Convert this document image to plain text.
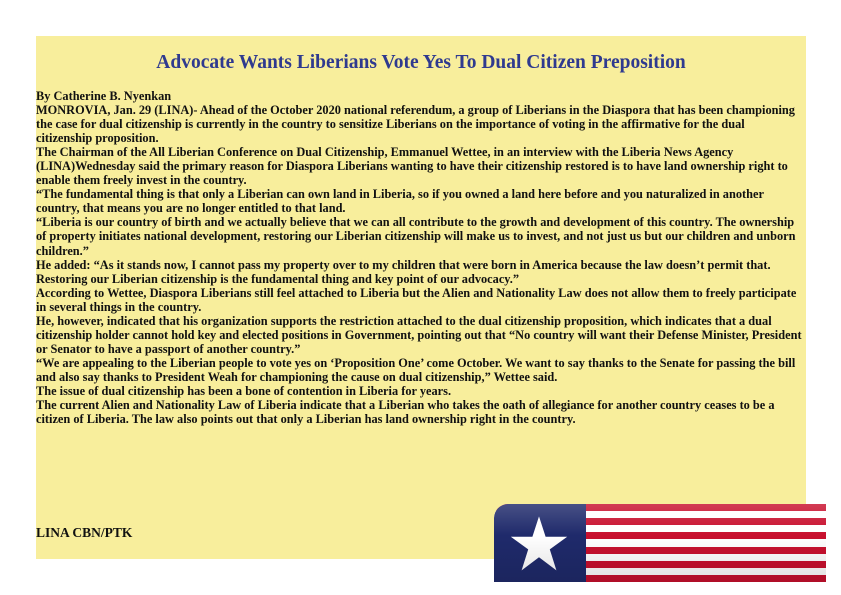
Advocate Wants Liberians Vote Yes To Dual Citizen Preposition

By Catherine B. Nyenkan

MONROVIA, Jan. 29 (LINA)- Ahead of the October 2020 national referendum, a group of Liberians in the Diaspora that has been championing the case for dual citizenship is currently in the country to sensitize Liberians on the importance of voting in the affirmative for the dual citizenship proposition.

The Chairman of the All Liberian Conference on Dual Citizenship, Emmanuel Wettee, in an interview with the Liberia News Agency (LINA)Wednesday said the primary reason for Diaspora Liberians wanting to have their citizenship restored is to have land ownership right to enable them freely invest in the country.

“The fundamental thing is that only a Liberian can own land in Liberia, so if you owned a land here before and you naturalized in another country, that means you are no longer entitled to that land.

“Liberia is our country of birth and we actually believe that we can all contribute to the growth and development of this country. The ownership of property initiates national development, restoring our Liberian citizenship will make us to invest, and not just us but our children and unborn children.”

He added: “As it stands now, I cannot pass my property over to my children that were born in America because the law doesn’t permit that. Restoring our Liberian citizenship is the fundamental thing and key point of our advocacy.”

According to Wettee, Diaspora Liberians still feel attached to Liberia but the Alien and Nationality Law does not allow them to freely participate in several things in the country.

He, however, indicated that his organization supports the restriction attached to the dual citizenship proposition, which indicates that a dual citizenship holder cannot hold key and elected positions in Government, pointing out that “No country will want their Defense Minister, President or Senator to have a passport of another country.”

“We are appealing to the Liberian people to vote yes on ‘Proposition One’ come October. We want to say thanks to the Senate for passing the bill and also say thanks to President Weah for championing the cause on dual citizenship,” Wettee said.

The issue of dual citizenship has been a bone of contention in Liberia for years.

The current Alien and Nationality Law of Liberia indicate that a Liberian who takes the oath of allegiance for another country ceases to be a citizen of Liberia. The law also points out that only a Liberian has land ownership right in the country.

LINA CBN/PTK
